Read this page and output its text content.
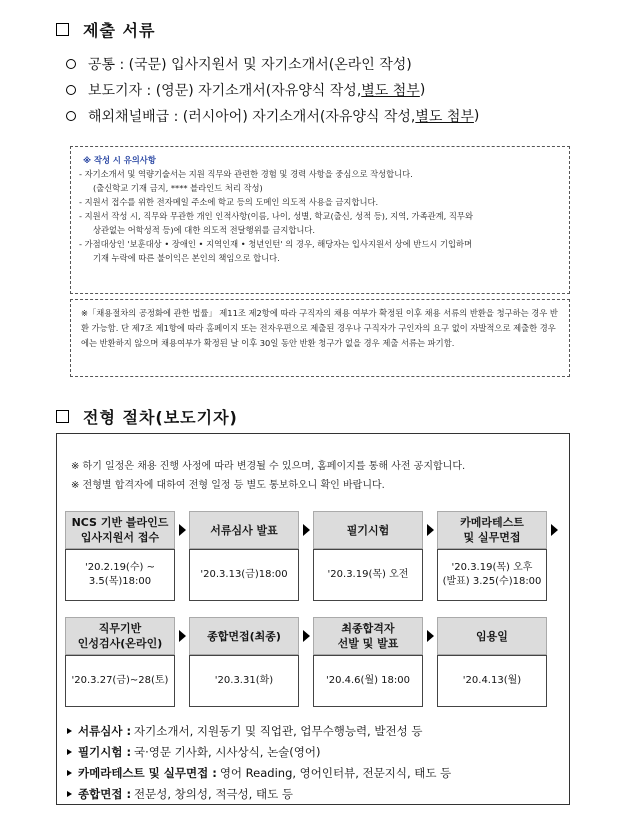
제출 서류
공통 :
(국문) 입사지원서 및 자기소개서(온라인 작성)
보도기자 :
(영문) 자기소개서(자유양식 작성, 별도 첨부 )
해외채널배급 :
(러시아어) 자기소개서(자유양식 작성, 별도 첨부 )
※ 작성 시 유의사항
- 자기소개서 및 역량기술서는 지원 직무와 관련한 경험 및 경력 사항을 중심으로 작성합니다.
(출신학교 기재 금지, **** 블라인드 처리 작성)
- 지원서 접수를 위한 전자메일 주소에 학교 등의 도메인 의도적 사용을 금지합니다.
- 지원서 작성 시, 직무와 무관한 개인 인적사항(이름, 나이, 성별, 학교(출신, 성적 등), 지역, 가족관계, 직무와
상관없는 어학성적 등)에 대한 의도적 전달행위를 금지합니다.
- 가점대상인 '보훈대상 • 장애인 • 지역인재 • 청년인턴' 의 경우, 해당자는 입사지원서 상에 반드시 기입하며
기재 누락에 따른 불이익은 본인의 책임으로 합니다.
※「채용절차의 공정화에 관한 법률」 제11조 제2항에 따라 구직자의 채용 여부가 확정된 이후 채용 서류의 반환을 청구하는 경우 반환 가능함. 단 제7조 제1항에 따라 홈페이지 또는 전자우편으로 제출된 경우나 구직자가 구인자의 요구 없이 자발적으로 제출한 경우에는 반환하지 않으며 채용여부가 확정된 날 이후 30일 동안 반환 청구가 없을 경우 제출 서류는 파기함.
전형 절차(보도기자)
※ 하기 일정은 채용 진행 사정에 따라 변경될 수 있으며, 홈페이지를 통해 사전 공지합니다.
※ 전형별 합격자에 대하여 전형 일정 등 별도 통보하오니 확인 바랍니다.
NCS 기반 블라인드
입사지원서 접수
'20.2.19(수) ~
3.5(목)18:00
서류심사 발표
'20.3.13(금)18:00
필기시험
'20.3.19(목) 오전
카메라테스트
및 실무면접
'20.3.19(목) 오후
(발표) 3.25(수)18:00
직무기반
인성검사(온라인)
'20.3.27(금)~28(토)
종합면접(최종)
'20.3.31(화)
최종합격자
선발 및 발표
'20.4.6(월) 18:00
임용일
'20.4.13(월)
서류심사 : 자기소개서, 지원동기 및 직업관, 업무수행능력, 발전성 등
필기시험 : 국·영문 기사화, 시사상식, 논술(영어)
카메라테스트 및 실무면접 : 영어 Reading, 영어인터뷰, 전문지식, 태도 등
종합면접 : 전문성, 창의성, 적극성, 태도 등
